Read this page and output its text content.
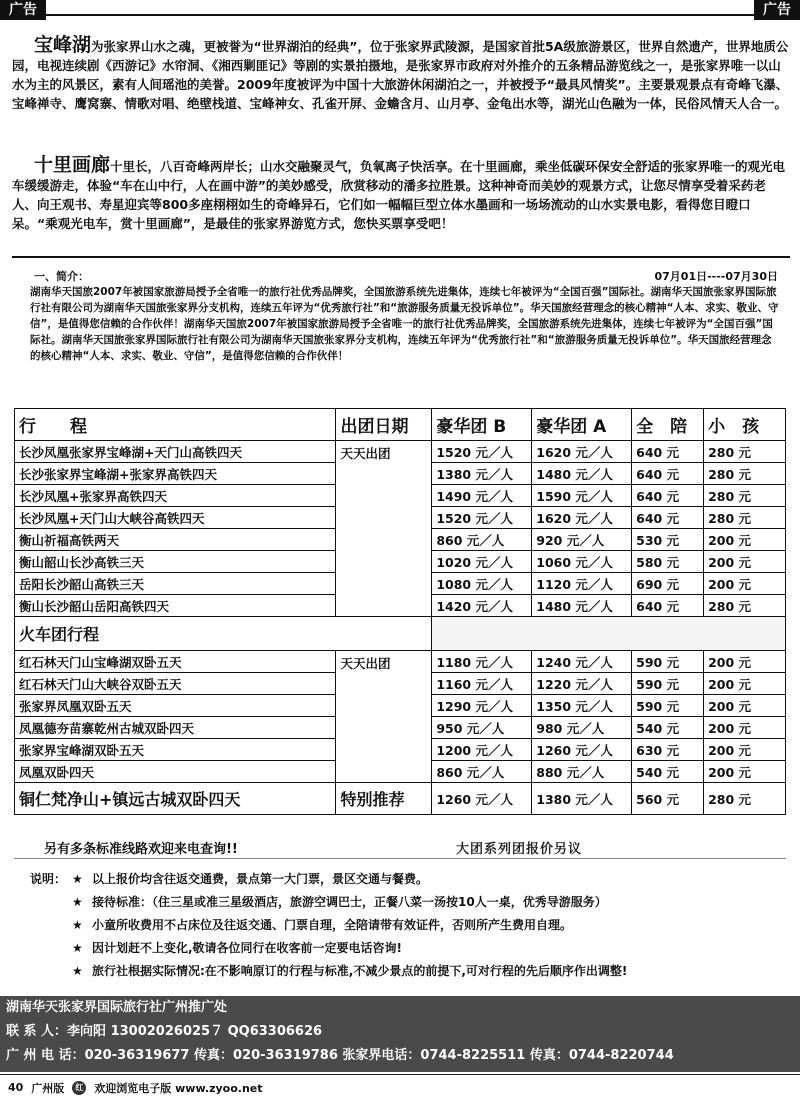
广告	广告
宝峰湖为张家界山水之魂，更被誉为“世界湖泊的经典”，位于张家界武陵源，是国家首批5A级旅游景区，世界自然遗产，世界地质公园，电视连续剧《西游记》水帘洞、《湘西剿匪记》等剧的实景拍摄地，是张家界市政府对外推介的五条精品游览线之一，是张家界唯一以山水为主的风景区，素有人间瑶池的美誉。2009年度被评为中国十大旅游休闲湖泊之一，并被授予“最具风情奖”。主要景观景点有奇峰飞瀑、宝峰禅寺、鹰窝寨、情歌对唱、绝壁栈道、宝峰神女、孔雀开屏、金蟾含月、山月亭、金龟出水等，湖光山色融为一体，民俗风情天人合一。
十里画廊十里长，八百奇峰两岸长；山水交融聚灵气，负氧离子快活享。在十里画廊，乘坐低碳环保安全舒适的张家界唯一的观光电车缓缓游走，体验“车在山中行，人在画中游”的美妙感受，欣赏移动的潘多拉胜景。这种神奇而美妙的观景方式，让您尽情享受着采药老人、向王观书、寿星迎宾等800多座栩栩如生的奇峰异石，它们如一幅幅巨型立体水墨画和一场场流动的山水实景电影，看得您目瞪口呆。“乘观光电车，赏十里画廊”，是最佳的张家界游览方式，您快买票享受吧！
一、简介：	07月01日----07月30日
湖南华天国旅2007年被国家旅游局授予全省唯一的旅行社优秀品牌奖，全国旅游系统先进集体，连续七年被评为“全国百强”国际社。湖南华天国旅张家界国际旅行社有限公司为湖南华天国旅张家界分支机构，连续五年评为“优秀旅行社”和“旅游服务质量无投诉单位”。华天国旅经营理念的核心精神“人本、求实、敬业、守信”，是值得您信赖的合作伙伴！湖南华天国旅2007年被国家旅游局授予全省唯一的旅行社优秀品牌奖，全国旅游系统先进集体，连续七年被评为“全国百强”国际社。湖南华天国旅张家界国际旅行社有限公司为湖南华天国旅张家界分支机构，连续五年评为“优秀旅行社”和“旅游服务质量无投诉单位”。华天国旅经营理念的核心精神“人本、求实、敬业、守信”，是值得您信赖的合作伙伴！
行　　程	出团日期	豪华团 B	豪华团 A	全　陪	小　孩
长沙凤凰张家界宝峰湖+天门山高铁四天	天天出团	1520 元／人	1620 元／人	640 元	280 元
长沙张家界宝峰湖+张家界高铁四天		1380 元／人	1480 元／人	640 元	280 元
长沙凤凰+张家界高铁四天		1490 元／人	1590 元／人	640 元	280 元
长沙凤凰+天门山大峡谷高铁四天		1520 元／人	1620 元／人	640 元	280 元
衡山祈福高铁两天		860 元／人	920 元／人	530 元	200 元
衡山韶山长沙高铁三天		1020 元／人	1060 元／人	580 元	200 元
岳阳长沙韶山高铁三天		1080 元／人	1120 元／人	690 元	200 元
衡山长沙韶山岳阳高铁四天		1420 元／人	1480 元／人	640 元	280 元
火车团行程					
红石林天门山宝峰湖双卧五天	天天出团	1180 元／人	1240 元／人	590 元	200 元
红石林天门山大峡谷双卧五天		1160 元／人	1220 元／人	590 元	200 元
张家界凤凰双卧五天		1290 元／人	1350 元／人	590 元	200 元
凤凰德夯苗寨乾州古城双卧四天		950 元／人	980 元／人	540 元	200 元
张家界宝峰湖双卧五天		1200 元／人	1260 元／人	630 元	200 元
凤凰双卧四天		860 元／人	880 元／人	540 元	200 元
铜仁梵净山+镇远古城双卧四天	特别推荐	1260 元／人	1380 元／人	560 元	280 元
另有多条标准线路欢迎来电查询!!	大团系列团报价另议
说明： ★ 以上报价均含往返交通费，景点第一大门票，景区交通与餐费。
★ 接待标准：（住三星或准三星级酒店，旅游空调巴士，正餐八菜一汤按10人一桌，优秀导游服务）
★ 小童所收费用不占床位及往返交通、门票自理，全陪请带有效证件，否则所产生费用自理。
★ 因计划赶不上变化,敬请各位同行在收客前一定要电话咨询!
★ 旅行社根据实际情况:在不影响原订的行程与标准,不减少景点的前提下,可对行程的先后顺序作出调整!
湖南华天张家界国际旅行社广州推广处
联 系 人：李向阳 13002026025７ QQ63306626
广 州 电 话：020-36319677 传真：020-36319786 张家界电话：0744-8225511 传真：0744-8220744
40 广州版	红 欢迎浏览电子版 www.zyoo.net
